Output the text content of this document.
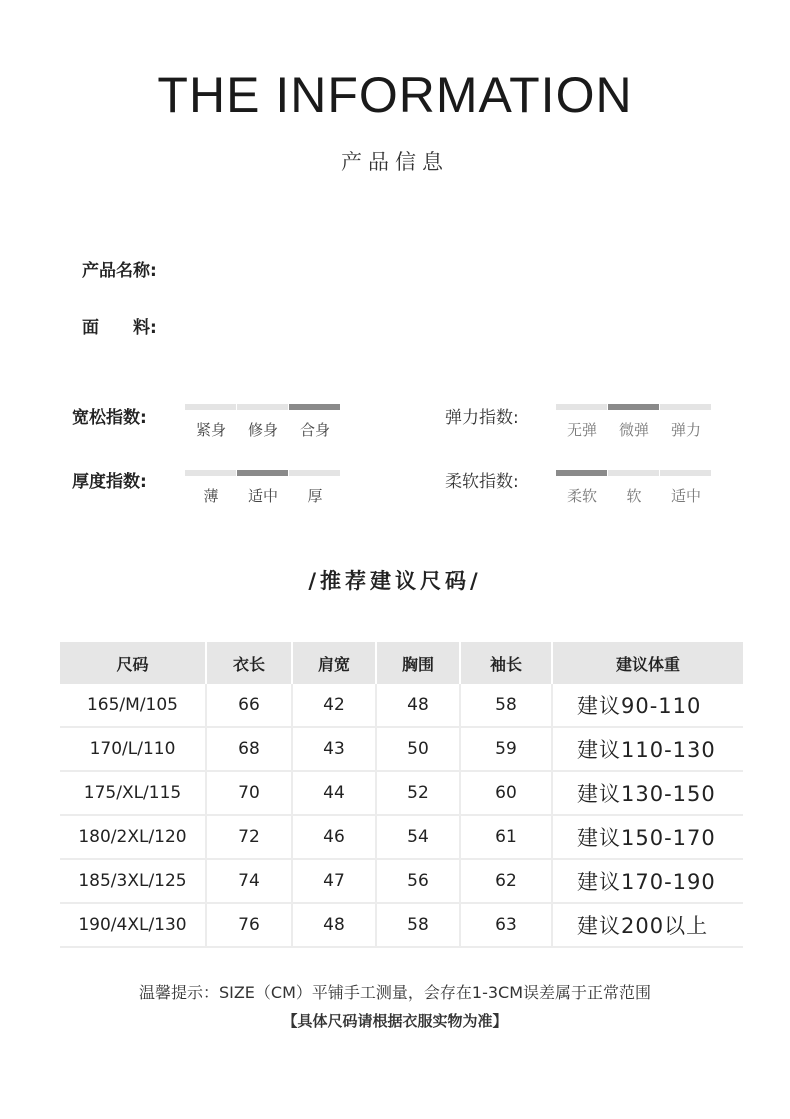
THE INFORMATION
产品信息
产品名称:
面 料:
宽松指数:
紧身	修身	合身
弹力指数:
无弹	微弹	弹力
厚度指数:
薄	适中	厚
柔软指数:
柔软	软	适中
/推荐建议尺码/
尺码	衣长	肩宽	胸围	袖长	建议体重
165/M/105	66	42	48	58	建议90-110
170/L/110	68	43	50	59	建议110-130
175/XL/115	70	44	52	60	建议130-150
180/2XL/120	72	46	54	61	建议150-170
185/3XL/125	74	47	56	62	建议170-190
190/4XL/130	76	48	58	63	建议200以上
温馨提示：SIZE（CM）平铺手工测量，会存在1-3CM误差属于正常范围
【具体尺码请根据衣服实物为准】
